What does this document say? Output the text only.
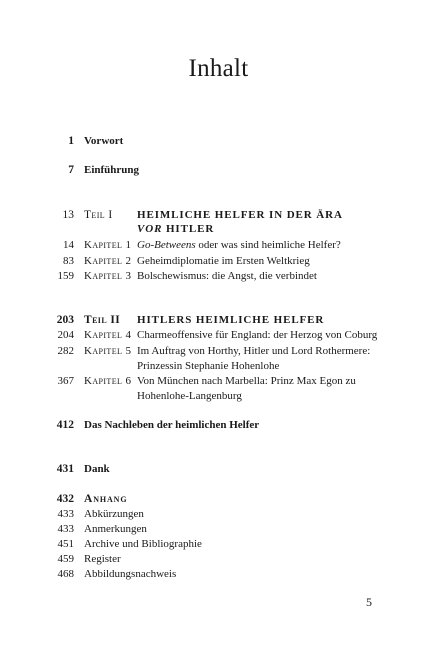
Inhalt
1 Vorwort
7 Einführung
13 Teil I HEIMLICHE HELFER IN DER ÄRA
VOR HITLER
14 Kapitel 1 Go-Betweens oder was sind heimliche Helfer?
83 Kapitel 2 Geheimdiplomatie im Ersten Weltkrieg
159 Kapitel 3 Bolschewismus: die Angst, die verbindet
203 Teil II HITLERS HEIMLICHE HELFER
204 Kapitel 4 Charmeoffensive für England: der Herzog von Coburg
282 Kapitel 5 Im Auftrag von Horthy, Hitler und Lord Rothermere:
Prinzessin Stephanie Hohenlohe
367 Kapitel 6 Von München nach Marbella: Prinz Max Egon zu
Hohenlohe-Langenburg
412 Das Nachleben der heimlichen Helfer
431 Dank
432 Anhang
433 Abkürzungen
433 Anmerkungen
451 Archive und Bibliographie
459 Register
468 Abbildungsnachweis
5
